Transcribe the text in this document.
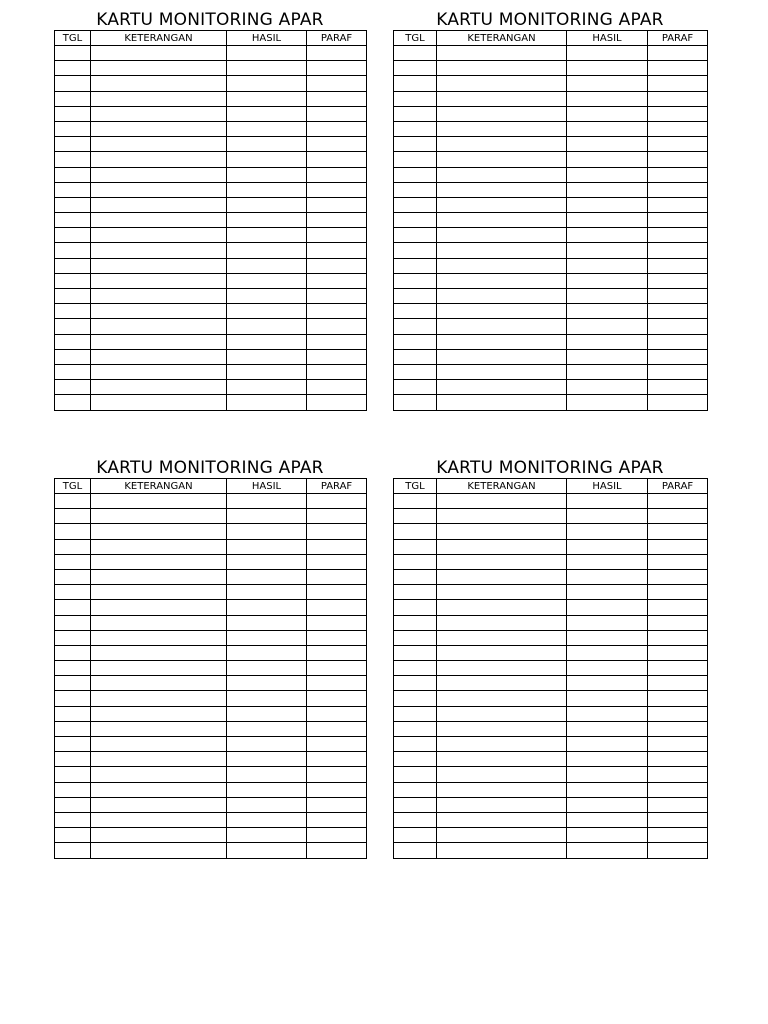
KARTU MONITORING APAR
TGL	KETERANGAN	HASIL	PARAF

KARTU MONITORING APAR
TGL	KETERANGAN	HASIL	PARAF

KARTU MONITORING APAR
TGL	KETERANGAN	HASIL	PARAF

KARTU MONITORING APAR
TGL	KETERANGAN	HASIL	PARAF
